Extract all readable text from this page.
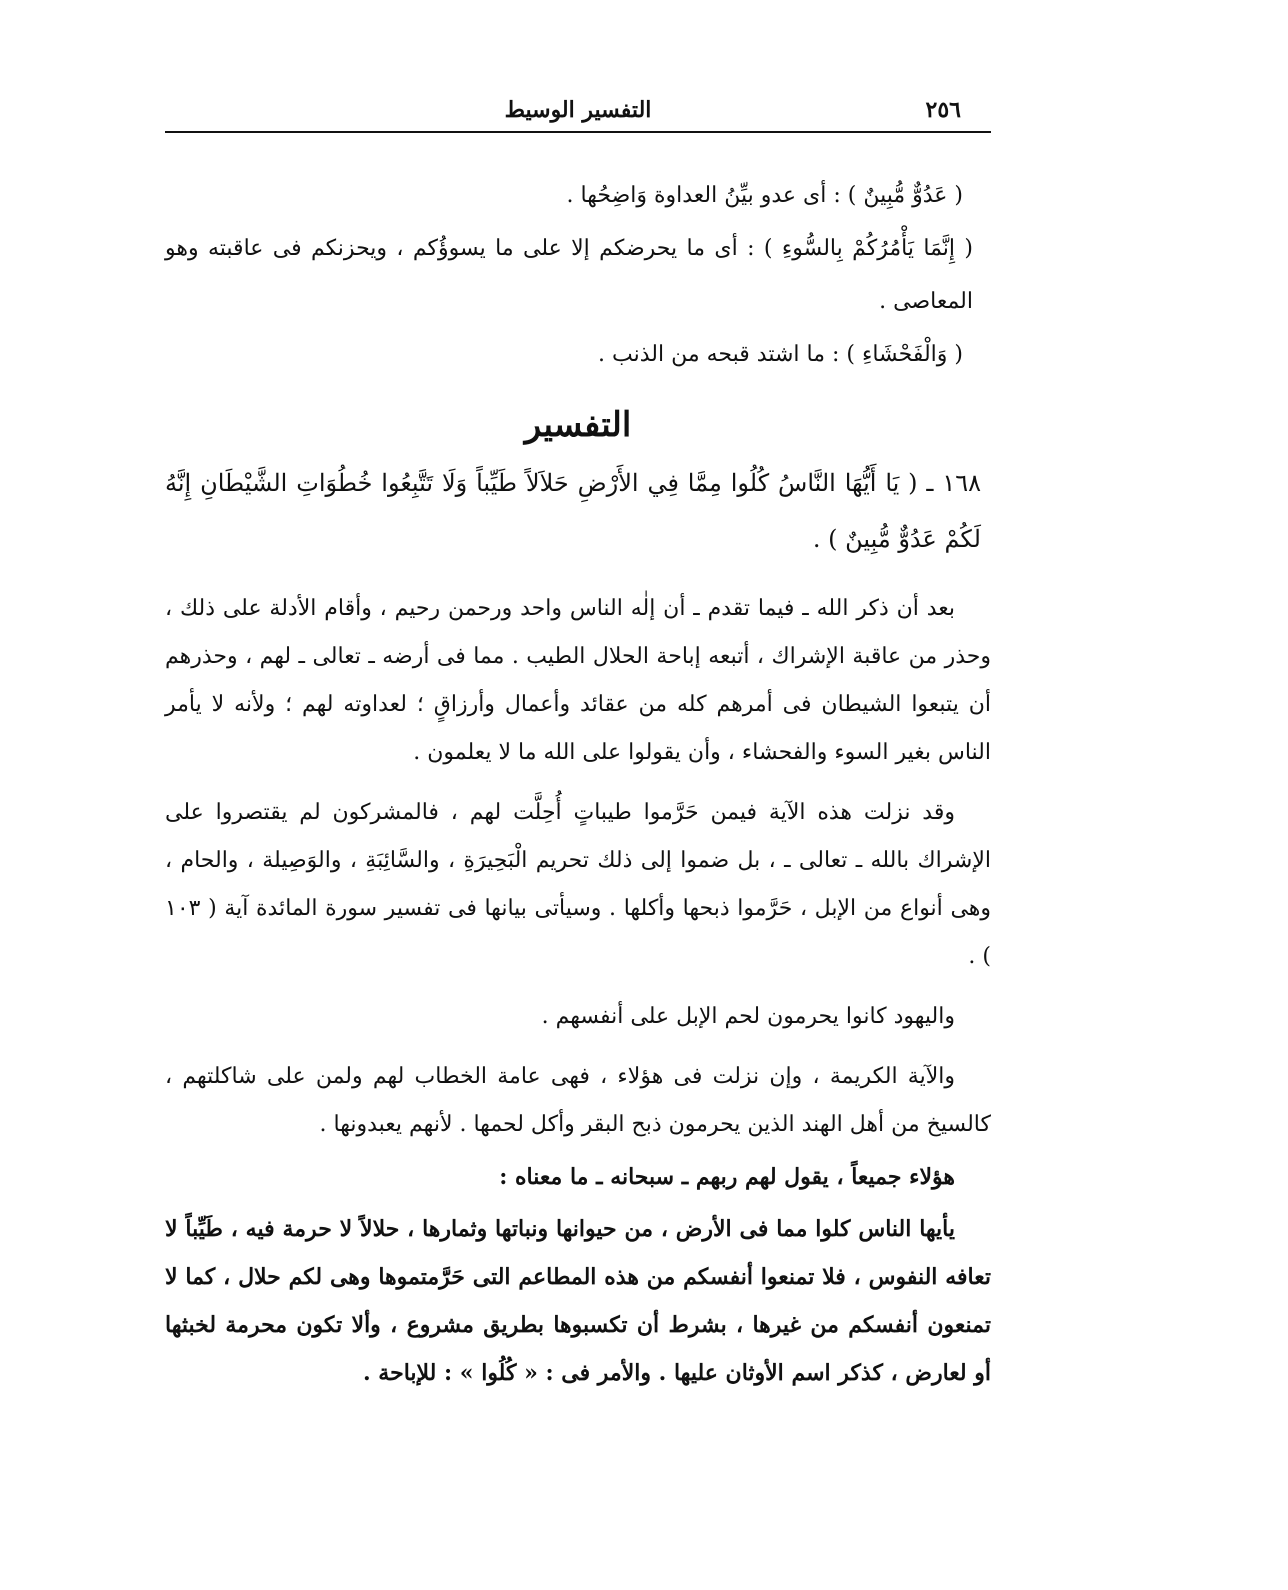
٢٥٦
التفسير الوسيط
( عَدُوٌّ مُّبِينٌ ) : أى عدو بيِّنُ العداوة وَاضِحُها .
( إِنَّمَا يَأْمُرُكُمْ بِالسُّوءِ ) : أى ما يحرضكم إلا على ما يسوؤُكم ، ويحزنكم فى عاقبته وهو المعاصى .
( وَالْفَحْشَاءِ ) : ما اشتد قبحه من الذنب .
التفسير
١٦٨ ـ ( يَا أَيُّهَا النَّاسُ كُلُوا مِمَّا فِي الأَرْضِ حَلاَلاً طَيِّباً وَلَا تَتَّبِعُوا خُطُوَاتِ الشَّيْطَانِ إِنَّهُ لَكُمْ عَدُوٌّ مُّبِينٌ ) .

بعد أن ذكر الله ـ فيما تقدم ـ أن إلٰه الناس واحد ورحمن رحيم ، وأقام الأدلة على ذلك ، وحذر من عاقبة الإشراك ، أتبعه إباحة الحلال الطيب . مما فى أرضه ـ تعالى ـ لهم ، وحذرهم أن يتبعوا الشيطان فى أمرهم كله من عقائد وأعمال وأرزاقٍ ؛ لعداوته لهم ؛ ولأنه لا يأمر الناس بغير السوء والفحشاء ، وأن يقولوا على الله ما لا يعلمون .

وقد نزلت هذه الآية فيمن حَرَّموا طيباتٍ أُحِلَّت لهم ، فالمشركون لم يقتصروا على الإشراك بالله ـ تعالى ـ ، بل ضموا إلى ذلك تحريم الْبَحِيرَةِ ، والسَّائِبَةِ ، والوَصِيلة ، والحام ، وهى أنواع من الإبل ، حَرَّموا ذبحها وأكلها . وسيأتى بيانها فى تفسير سورة المائدة آية ( ١٠٣ ) .

واليهود كانوا يحرمون لحم الإبل على أنفسهم .

والآية الكريمة ، وإن نزلت فى هؤلاء ، فهى عامة الخطاب لهم ولمن على شاكلتهم ، كالسيخ من أهل الهند الذين يحرمون ذبح البقر وأكل لحمها . لأنهم يعبدونها .

هؤلاء جميعاً ، يقول لهم ربهم ـ سبحانه ـ ما معناه :

يأيها الناس كلوا مما فى الأرض ، من حيوانها ونباتها وثمارها ، حلالاً لا حرمة فيه ، طَيِّباً لا تعافه النفوس ، فلا تمنعوا أنفسكم من هذه المطاعم التى حَرَّمتموها وهى لكم حلال ، كما لا تمنعون أنفسكم من غيرها ، بشرط أن تكسبوها بطريق مشروع ، وألا تكون محرمة لخبثها أو لعارض ، كذكر اسم الأوثان عليها . والأمر فى : « كُلُوا » : للإباحة .
